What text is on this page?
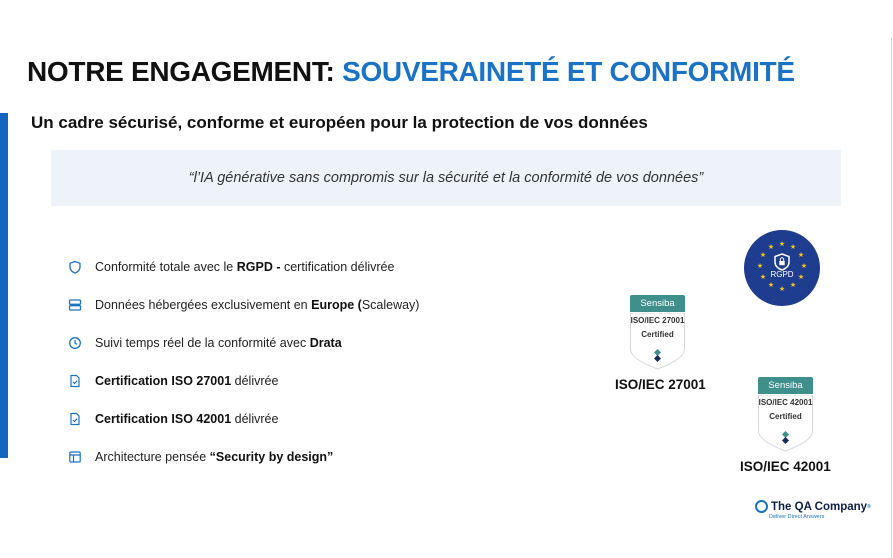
NOTRE ENGAGEMENT: SOUVERAINETÉ ET CONFORMITÉ
Un cadre sécurisé, conforme et européen pour la protection de vos données
“l’IA générative sans compromis sur la sécurité et la conformité de vos données”
Conformité totale avec le RGPD - certification délivrée
Données hébergées exclusivement en Europe (Scaleway)
Suivi temps réel de la conformité avec Drata
Certification ISO 27001 délivrée
Certification ISO 42001 délivrée
Architecture pensée “Security by design”
★ ★
★
★
★
★
★
★
★
★
★
★
RGPD
Sensiba
ISO/IEC 27001
Certified
ISO/IEC 27001	Sensiba
ISO/IEC 42001
Certified
ISO/IEC 42001
The QA Company ®
Deliver Direct Answers
